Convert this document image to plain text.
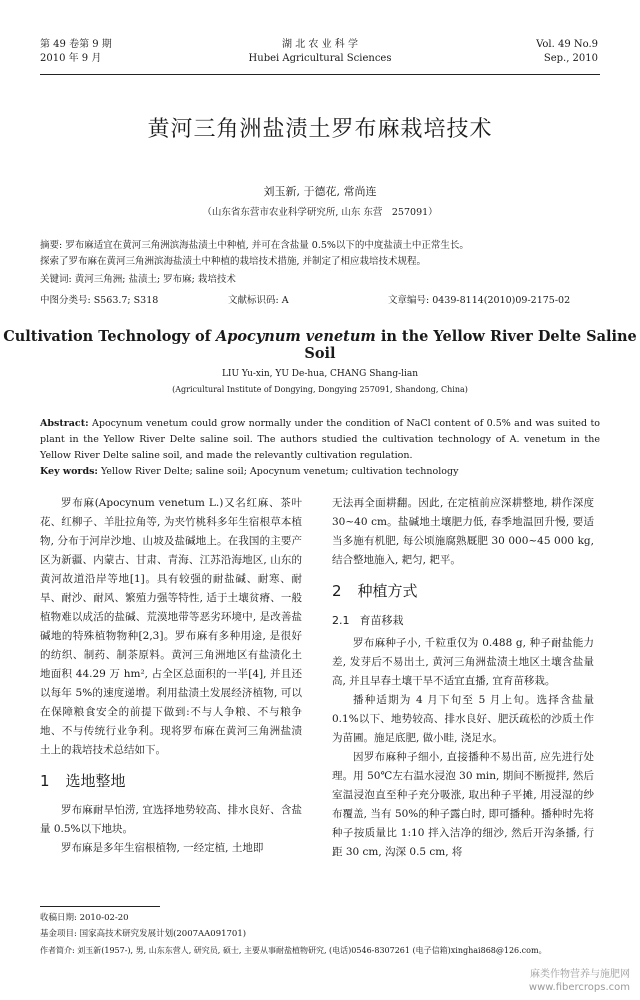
第 49 卷第 9 期
2010 年 9 月
湖 北 农 业 科 学
Hubei Agricultural Sciences
Vol. 49 No.9
Sep., 2010
黄河三角洲盐渍土罗布麻栽培技术
刘玉新, 于德花, 常尚连
（山东省东营市农业科学研究所, 山东 东营　257091）
摘要: 罗布麻适宜在黄河三角洲滨海盐渍土中种植, 并可在含盐量 0.5%以下的中度盐渍土中正常生长。
探索了罗布麻在黄河三角洲滨海盐渍土中种植的栽培技术措施, 并制定了相应栽培技术规程。
关键词: 黄河三角洲; 盐渍土; 罗布麻; 栽培技术
中图分类号: S563.7; S318	文献标识码: A	文章编号: 0439-8114(2010)09-2175-02
Cultivation Technology of Apocynum venetum in the Yellow River Delte Saline Soil
LIU Yu-xin, YU De-hua, CHANG Shang-lian
(Agricultural Institute of Dongying, Dongying 257091, Shandong, China)
Abstract: Apocynum venetum could grow normally under the condition of NaCl content of 0.5% and was suited to plant in the Yellow River Delte saline soil. The authors studied the cultivation technology of A. venetum in the Yellow River Delte saline soil, and made the relevantly cultivation regulation.
Key words: Yellow River Delte; saline soil; Apocynum venetum; cultivation technology

罗布麻(Apocynum venetum L.)又名红麻、茶叶花、红柳子、羊肚拉角等, 为夹竹桃科多年生宿根草本植物, 分布于河岸沙地、山坡及盐碱地上。在我国的主要产区为新疆、内蒙古、甘肃、青海、江苏沿海地区, 山东的黄河故道沿岸等地[1]。具有较强的耐盐碱、耐寒、耐旱、耐沙、耐风、繁殖力强等特性, 适于土壤贫瘠、一般植物难以成活的盐碱、荒漠地带等恶劣环境中, 是改善盐碱地的特殊植物物种[2,3]。罗布麻有多种用途, 是很好的纺织、制药、制茶原料。黄河三角洲地区有盐渍化土地面积 44.29 万 hm², 占全区总面积的一半[4], 并且还以每年 5%的速度递增。利用盐渍土发展经济植物, 可以在保障粮食安全的前提下做到:不与人争粮、不与粮争地、不与传统行业争利。现将罗布麻在黄河三角洲盐渍土上的栽培技术总结如下。

1 选地整地

罗布麻耐旱怕涝, 宜选择地势较高、排水良好、含盐量 0.5%以下地块。

罗布麻是多年生宿根植物, 一经定植, 土地即

无法再全面耕翻。因此, 在定植前应深耕整地, 耕作深度 30~40 cm。盐碱地土壤肥力低, 春季地温回升慢, 要适当多施有机肥, 每公顷施腐熟厩肥 30 000~45 000 kg, 结合整地施入, 耙匀, 耙平。

2 种植方式
2.1 育苗移栽

罗布麻种子小, 千粒重仅为 0.488 g, 种子耐盐能力差, 发芽后不易出土, 黄河三角洲盐渍土地区土壤含盐量高, 并且早春土壤干旱不适宜直播, 宜育苗移栽。

播种适期为 4 月下旬至 5 月上旬。选择含盐量 0.1%以下、地势较高、排水良好、肥沃疏松的沙质土作为苗圃。施足底肥, 做小畦, 浇足水。

因罗布麻种子细小, 直接播种不易出苗, 应先进行处理。用 50℃左右温水浸泡 30 min, 期间不断搅拌, 然后室温浸泡直至种子充分吸涨, 取出种子平摊, 用浸湿的纱布覆盖, 当有 50%的种子露白时, 即可播种。播种时先将种子按质量比 1:10 拌入洁净的细沙, 然后开沟条播, 行距 30 cm, 沟深 0.5 cm, 将

收稿日期: 2010-02-20
基金项目: 国家高技术研究发展计划(2007AA091701)
作者简介: 刘玉新(1957-), 男, 山东东营人, 研究员, 硕士, 主要从事耐盐植物研究, (电话)0546-8307261 (电子信箱)xinghai868@126.com。
麻类作物营养与施肥网
www.fibercrops.com
